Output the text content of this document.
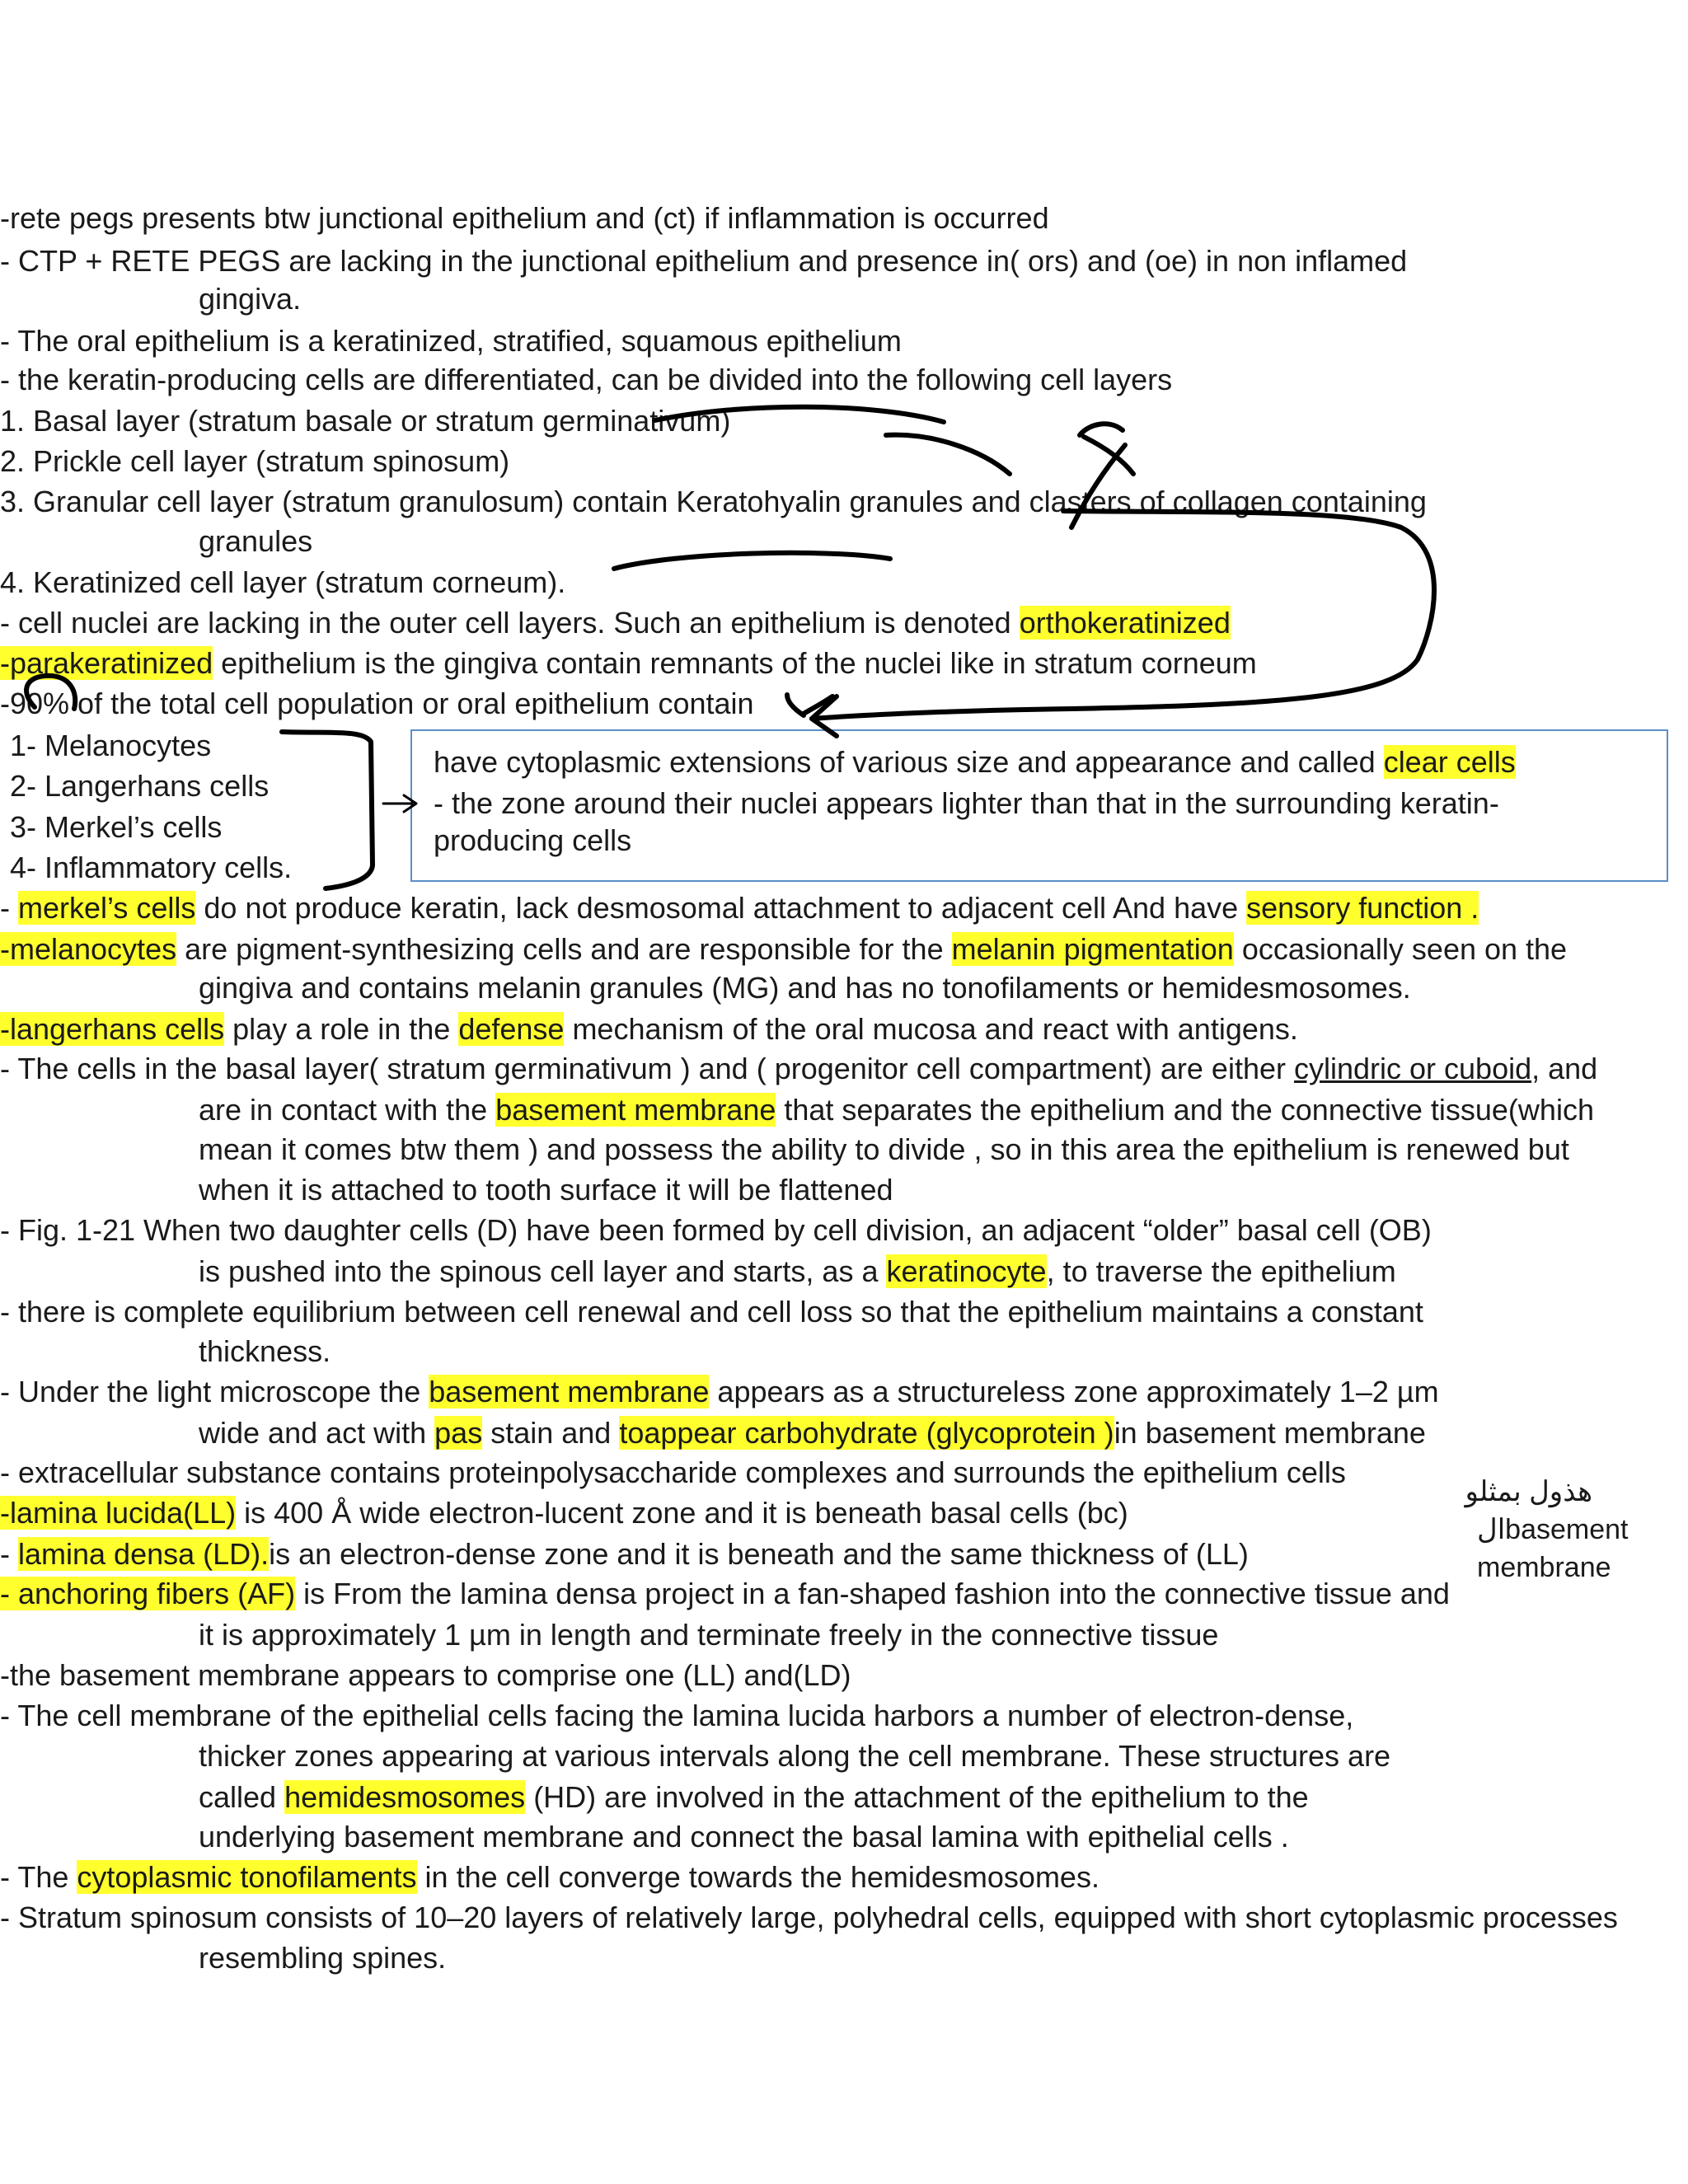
-rete pegs presents btw junctional epithelium and (ct) if inflammation is occurred
- CTP + RETE PEGS are lacking in the junctional epithelium and presence in( ors) and (oe) in non inflamed
gingiva.
- The oral epithelium is a keratinized, stratified, squamous epithelium
- the keratin-producing cells are differentiated, can be divided into the following cell layers
1. Basal layer (stratum basale or stratum germinativum)
2. Prickle cell layer (stratum spinosum)
3. Granular cell layer (stratum granulosum) contain Keratohyalin granules and clasters of collagen containing
granules
4. Keratinized cell layer (stratum corneum).
- cell nuclei are lacking in the outer cell layers. Such an epithelium is denoted orthokeratinized
-parakeratinized epithelium is the gingiva contain remnants of the nuclei like in stratum corneum
-90% of the total cell population or oral epithelium contain
1- Melanocytes
2- Langerhans cells
3- Merkel’s cells
4- Inflammatory cells.
have cytoplasmic extensions of various size and appearance and called clear cells
- the zone around their nuclei appears lighter than that in the surrounding keratin-
producing cells
- merkel’s cells do not produce keratin, lack desmosomal attachment to adjacent cell And have sensory function .
-melanocytes are pigment-synthesizing cells and are responsible for the melanin pigmentation occasionally seen on the
gingiva and contains melanin granules (MG) and has no tonofilaments or hemidesmosomes.
-langerhans cells play a role in the defense mechanism of the oral mucosa and react with antigens.
- The cells in the basal layer( stratum germinativum ) and ( progenitor cell compartment) are either cylindric or cuboid, and
are in contact with the basement membrane that separates the epithelium and the connective tissue(which
mean it comes btw them ) and possess the ability to divide , so in this area the epithelium is renewed but
when it is attached to tooth surface it will be flattened
- Fig. 1-21 When two daughter cells (D) have been formed by cell division, an adjacent “older” basal cell (OB)
is pushed into the spinous cell layer and starts, as a keratinocyte, to traverse the epithelium
- there is complete equilibrium between cell renewal and cell loss so that the epithelium maintains a constant
thickness.
- Under the light microscope the basement membrane appears as a structureless zone approximately 1–2 µm
wide and act with pas stain and toappear carbohydrate (glycoprotein )in basement membrane
- extracellular substance contains proteinpolysaccharide complexes and surrounds the epithelium cells
-lamina lucida(LL) is 400 Å wide electron-lucent zone and it is beneath basal cells (bc)
- lamina densa (LD).is an electron-dense zone and it is beneath and the same thickness of (LL)
- anchoring fibers (AF) is From the lamina densa project in a fan-shaped fashion into the connective tissue and
it is approximately 1 µm in length and terminate freely in the connective tissue
-the basement membrane appears to comprise one (LL) and(LD)
- The cell membrane of the epithelial cells facing the lamina lucida harbors a number of electron-dense,
thicker zones appearing at various intervals along the cell membrane. These structures are
called hemidesmosomes (HD) are involved in the attachment of the epithelium to the
underlying basement membrane and connect the basal lamina with epithelial cells .
- The cytoplasmic tonofilaments in the cell converge towards the hemidesmosomes.
- Stratum spinosum consists of 10–20 layers of relatively large, polyhedral cells, equipped with short cytoplasmic processes
resembling spines.
هذول بمثلو
الbasement
membrane
